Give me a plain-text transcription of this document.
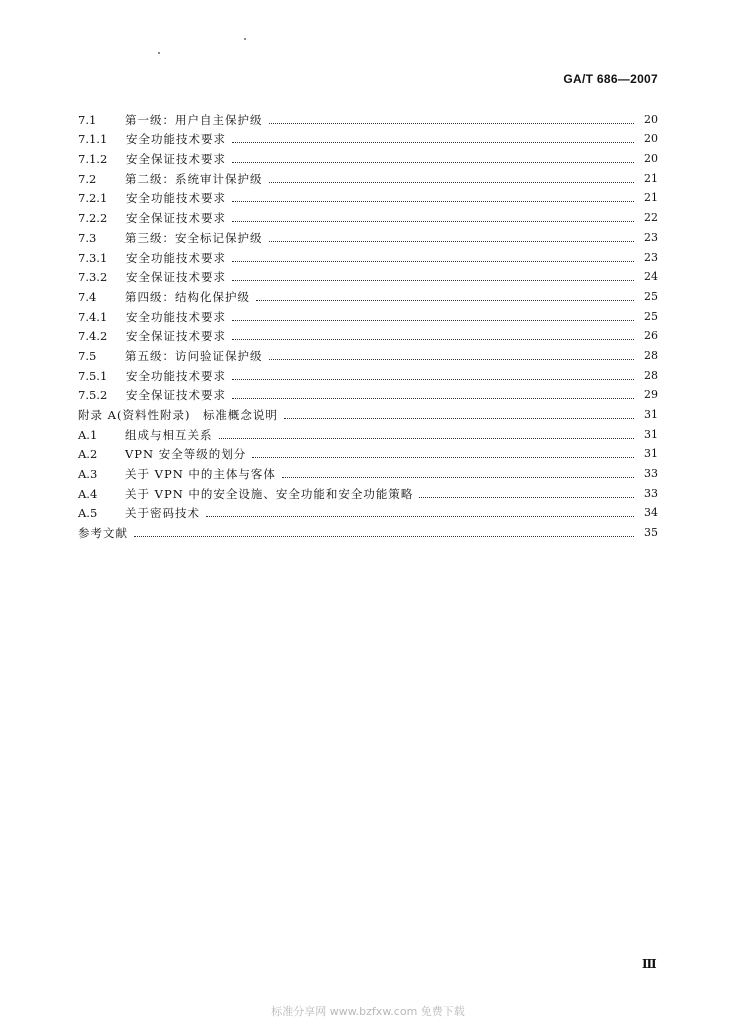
GA/T 686—2007
7.1	第一级：用户自主保护级	20
7.1.1	安全功能技术要求	20
7.1.2	安全保证技术要求	20
7.2	第二级：系统审计保护级	21
7.2.1	安全功能技术要求	21
7.2.2	安全保证技术要求	22
7.3	第三级：安全标记保护级	23
7.3.1	安全功能技术要求	23
7.3.2	安全保证技术要求	24
7.4	第四级：结构化保护级	25
7.4.1	安全功能技术要求	25
7.4.2	安全保证技术要求	26
7.5	第五级：访问验证保护级	28
7.5.1	安全功能技术要求	28
7.5.2	安全保证技术要求	29
附录 A(资料性附录)　标准概念说明	31
A.1	组成与相互关系	31
A.2	VPN 安全等级的划分	31
A.3	关于 VPN 中的主体与客体	33
A.4	关于 VPN 中的安全设施、安全功能和安全功能策略	33
A.5	关于密码技术	34
参考文献	35
Ⅲ
标准分享网 www.bzfxw.com 免费下载
